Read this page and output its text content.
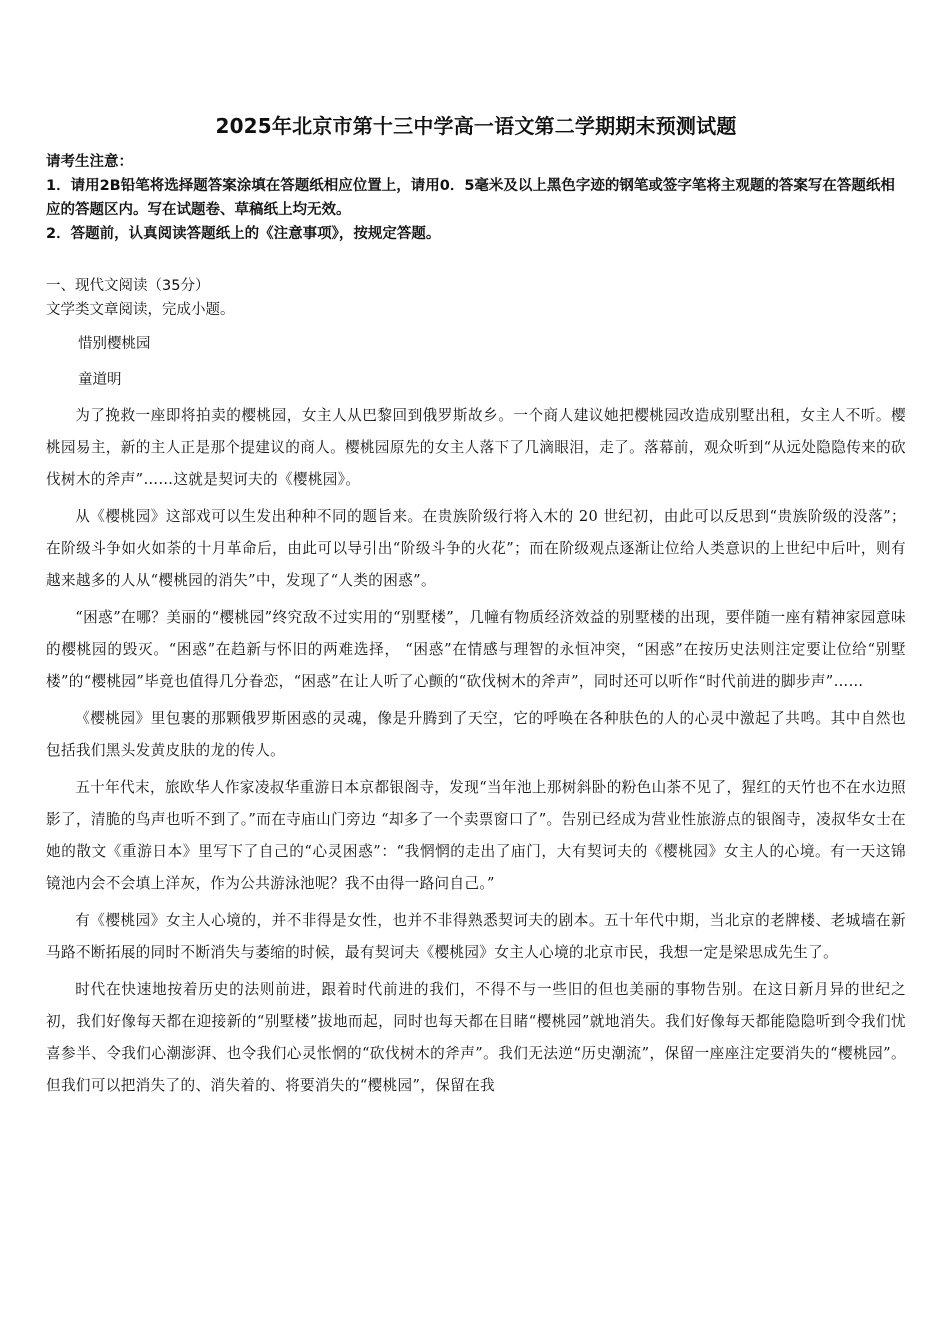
2025年北京市第十三中学高一语文第二学期期末预测试题

请考生注意：

1．请用2B铅笔将选择题答案涂填在答题纸相应位置上，请用0．5毫米及以上黑色字迹的钢笔或签字笔将主观题的答案写在答题纸相应的答题区内。写在试题卷、草稿纸上均无效。

2．答题前，认真阅读答题纸上的《注意事项》，按规定答题。

一、现代文阅读（35分）
文学类文章阅读，完成小题。
惜别樱桃园
童道明

为了挽救一座即将拍卖的樱桃园，女主人从巴黎回到俄罗斯故乡。一个商人建议她把樱桃园改造成别墅出租，女主人不听。樱桃园易主，新的主人正是那个提建议的商人。樱桃园原先的女主人落下了几滴眼泪，走了。落幕前，观众听到“从远处隐隐传来的砍伐树木的斧声”……这就是契诃夫的《樱桃园》。

从《樱桃园》这部戏可以生发出种种不同的题旨来。在贵族阶级行将入木的 20 世纪初，由此可以反思到“贵族阶级的没落”；在阶级斗争如火如荼的十月革命后，由此可以导引出“阶级斗争的火花”；而在阶级观点逐渐让位给人类意识的上世纪中后叶，则有越来越多的人从“樱桃园的消失”中，发现了“人类的困惑”。

“困惑”在哪？美丽的“樱桃园”终究敌不过实用的“别墅楼”，几幢有物质经济效益的别墅楼的出现，要伴随一座有精神家园意味的樱桃园的毁灭。“困惑”在趋新与怀旧的两难选择， “困惑”在情感与理智的永恒冲突，“困惑”在按历史法则注定要让位给“别墅楼”的“樱桃园”毕竟也值得几分眷恋，“困惑”在让人听了心颤的“砍伐树木的斧声”，同时还可以听作“时代前进的脚步声”……

《樱桃园》里包裹的那颗俄罗斯困惑的灵魂，像是升腾到了天空，它的呼唤在各种肤色的人的心灵中激起了共鸣。其中自然也包括我们黑头发黄皮肤的龙的传人。

五十年代末，旅欧华人作家凌叔华重游日本京都银阁寺，发现“当年池上那树斜卧的粉色山茶不见了，猩红的天竹也不在水边照影了，清脆的鸟声也听不到了。”而在寺庙山门旁边 “却多了一个卖票窗口了”。告别已经成为营业性旅游点的银阁寺，凌叔华女士在她的散文《重游日本》里写下了自己的“心灵困惑”：“我惘惘的走出了庙门，大有契诃夫的《樱桃园》女主人的心境。有一天这锦镜池内会不会填上洋灰，作为公共游泳池呢？我不由得一路问自己。”

有《樱桃园》女主人心境的，并不非得是女性，也并不非得熟悉契诃夫的剧本。五十年代中期，当北京的老牌楼、老城墙在新马路不断拓展的同时不断消失与萎缩的时候，最有契诃夫《樱桃园》女主人心境的北京市民，我想一定是梁思成先生了。

时代在快速地按着历史的法则前进，跟着时代前进的我们，不得不与一些旧的但也美丽的事物告别。在这日新月异的世纪之初，我们好像每天都在迎接新的“别墅楼”拔地而起，同时也每天都在目睹“樱桃园”就地消失。我们好像每天都能隐隐听到令我们忧喜参半、令我们心潮澎湃、也令我们心灵怅惘的“砍伐树木的斧声”。我们无法逆“历史潮流”，保留一座座注定要消失的“樱桃园”。但我们可以把消失了的、消失着的、将要消失的“樱桃园”，保留在我
